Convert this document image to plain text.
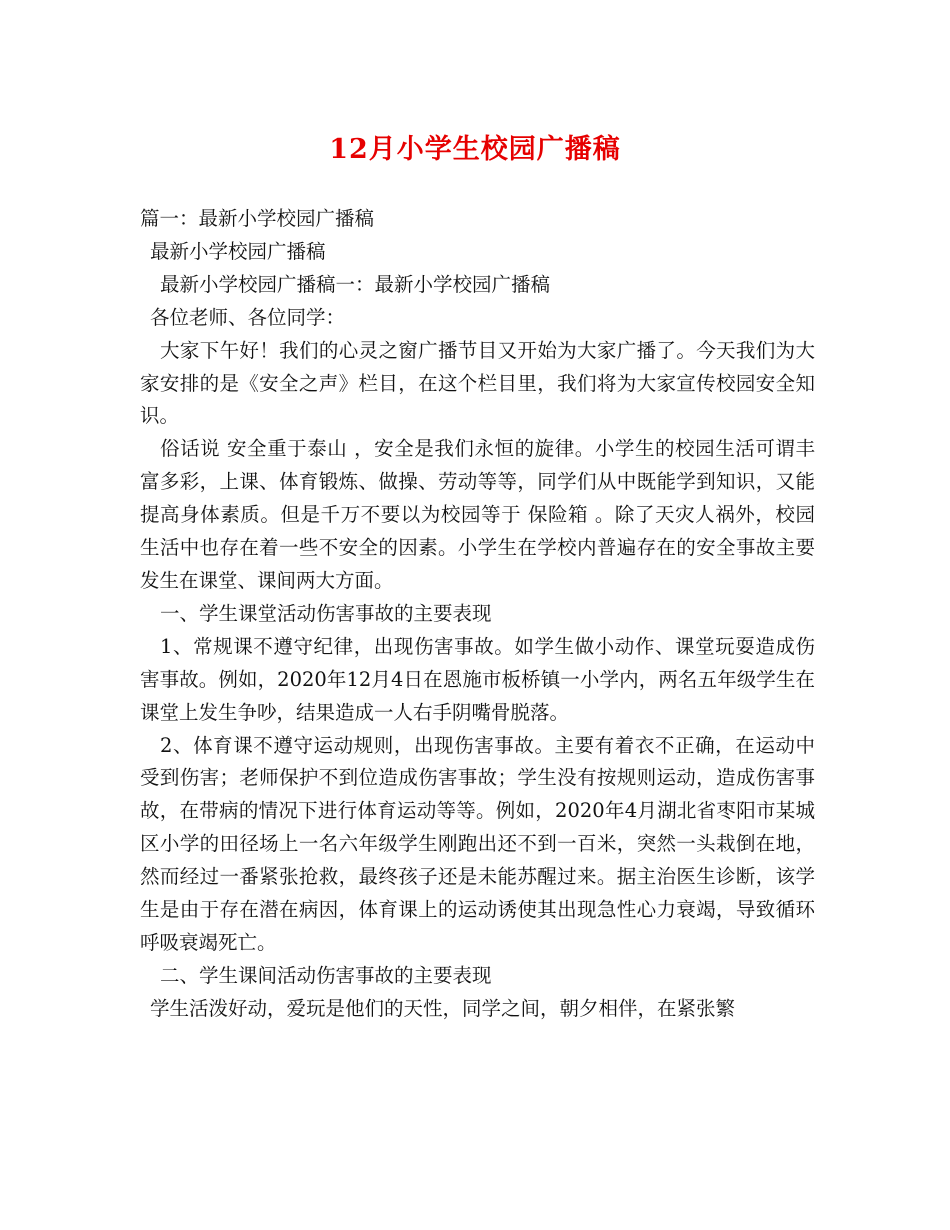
12月小学生校园广播稿

篇一：最新小学校园广播稿

最新小学校园广播稿

最新小学校园广播稿一：最新小学校园广播稿

各位老师、各位同学：

大家下午好！我们的心灵之窗广播节目又开始为大家广播了。今天我们为大家安排的是《安全之声》栏目，在这个栏目里，我们将为大家宣传校园安全知识。

俗话说 安全重于泰山 ，安全是我们永恒的旋律。小学生的校园生活可谓丰富多彩，上课、体育锻炼、做操、劳动等等，同学们从中既能学到知识，又能提高身体素质。但是千万不要以为校园等于 保险箱 。除了天灾人祸外，校园生活中也存在着一些不安全的因素。小学生在学校内普遍存在的安全事故主要发生在课堂、课间两大方面。

一、学生课堂活动伤害事故的主要表现

1、常规课不遵守纪律，出现伤害事故。如学生做小动作、课堂玩耍造成伤害事故。例如，2020年12月4日在恩施市板桥镇一小学内，两名五年级学生在课堂上发生争吵，结果造成一人右手阴嘴骨脱落。

2、体育课不遵守运动规则，出现伤害事故。主要有着衣不正确，在运动中受到伤害；老师保护不到位造成伤害事故；学生没有按规则运动，造成伤害事故，在带病的情况下进行体育运动等等。例如，2020年4月湖北省枣阳市某城区小学的田径场上一名六年级学生刚跑出还不到一百米，突然一头栽倒在地，然而经过一番紧张抢救，最终孩子还是未能苏醒过来。据主治医生诊断，该学生是由于存在潜在病因，体育课上的运动诱使其出现急性心力衰竭，导致循环呼吸衰竭死亡。

二、学生课间活动伤害事故的主要表现

学生活泼好动，爱玩是他们的天性，同学之间，朝夕相伴，在紧张繁
